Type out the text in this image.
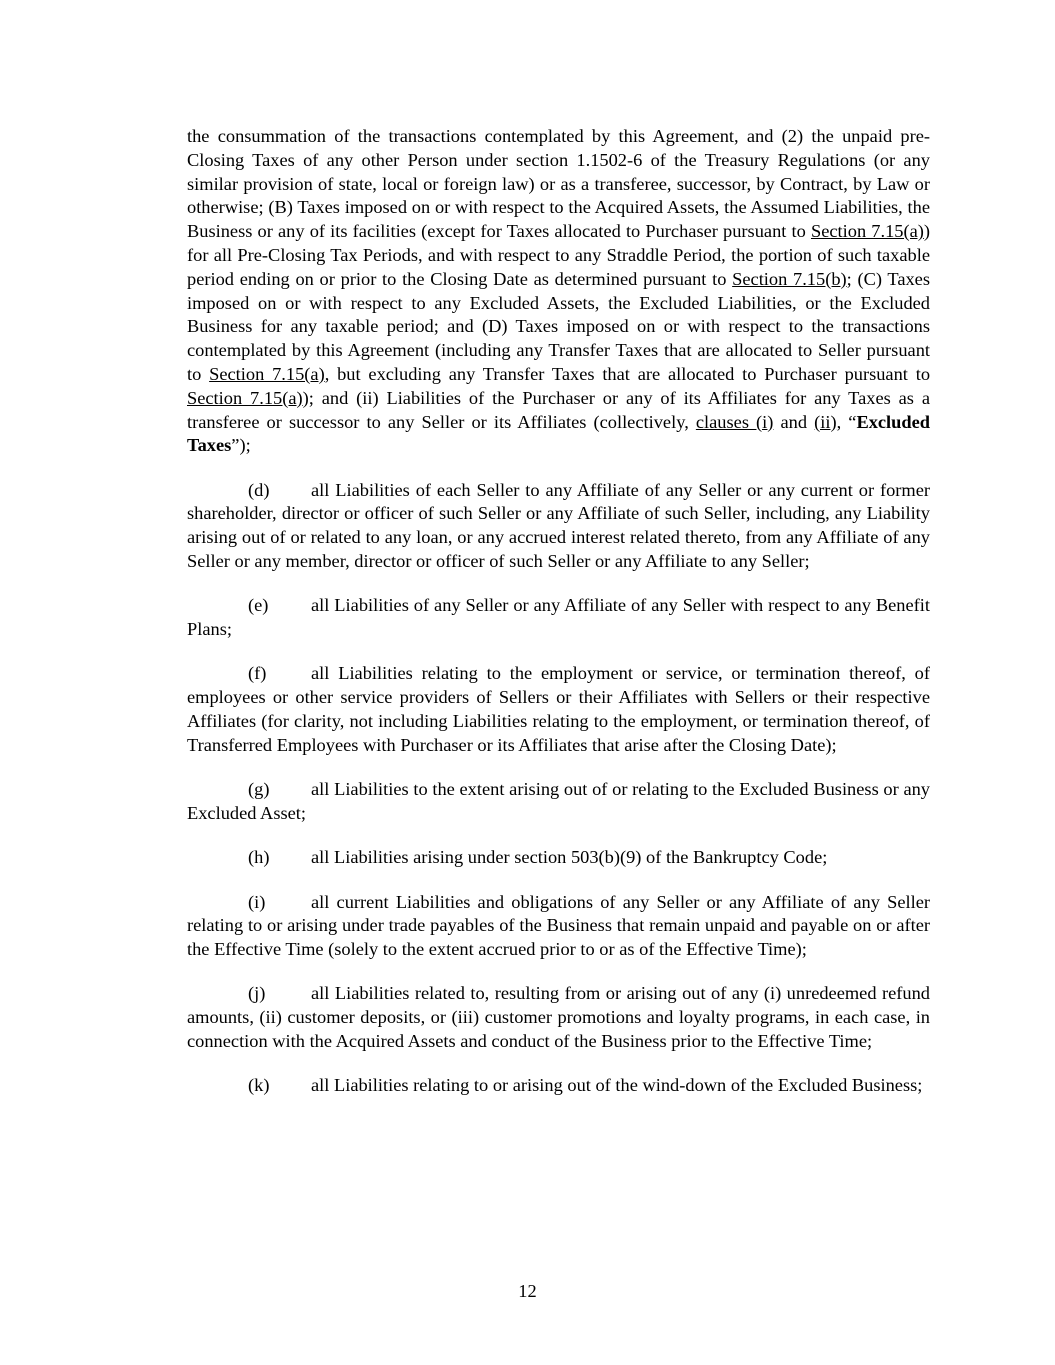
the consummation of the transactions contemplated by this Agreement, and (2) the unpaid pre-Closing Taxes of any other Person under section 1.1502-6 of the Treasury Regulations (or any similar provision of state, local or foreign law) or as a transferee, successor, by Contract, by Law or otherwise; (B) Taxes imposed on or with respect to the Acquired Assets, the Assumed Liabilities, the Business or any of its facilities (except for Taxes allocated to Purchaser pursuant to Section 7.15(a)) for all Pre-Closing Tax Periods, and with respect to any Straddle Period, the portion of such taxable period ending on or prior to the Closing Date as determined pursuant to Section 7.15(b); (C) Taxes imposed on or with respect to any Excluded Assets, the Excluded Liabilities, or the Excluded Business for any taxable period; and (D) Taxes imposed on or with respect to the transactions contemplated by this Agreement (including any Transfer Taxes that are allocated to Seller pursuant to Section 7.15(a), but excluding any Transfer Taxes that are allocated to Purchaser pursuant to Section 7.15(a)); and (ii) Liabilities of the Purchaser or any of its Affiliates for any Taxes as a transferee or successor to any Seller or its Affiliates (collectively, clauses (i) and (ii), “Excluded Taxes”);

(d) all Liabilities of each Seller to any Affiliate of any Seller or any current or former shareholder, director or officer of such Seller or any Affiliate of such Seller, including, any Liability arising out of or related to any loan, or any accrued interest related thereto, from any Affiliate of any Seller or any member, director or officer of such Seller or any Affiliate to any Seller;

(e) all Liabilities of any Seller or any Affiliate of any Seller with respect to any Benefit Plans;

(f) all Liabilities relating to the employment or service, or termination thereof, of employees or other service providers of Sellers or their Affiliates with Sellers or their respective Affiliates (for clarity, not including Liabilities relating to the employment, or termination thereof, of Transferred Employees with Purchaser or its Affiliates that arise after the Closing Date);

(g) all Liabilities to the extent arising out of or relating to the Excluded Business or any Excluded Asset;

(h) all Liabilities arising under section 503(b)(9) of the Bankruptcy Code;

(i) all current Liabilities and obligations of any Seller or any Affiliate of any Seller relating to or arising under trade payables of the Business that remain unpaid and payable on or after the Effective Time (solely to the extent accrued prior to or as of the Effective Time);

(j) all Liabilities related to, resulting from or arising out of any (i) unredeemed refund amounts, (ii) customer deposits, or (iii) customer promotions and loyalty programs, in each case, in connection with the Acquired Assets and conduct of the Business prior to the Effective Time;

(k) all Liabilities relating to or arising out of the wind-down of the Excluded Business;

12
